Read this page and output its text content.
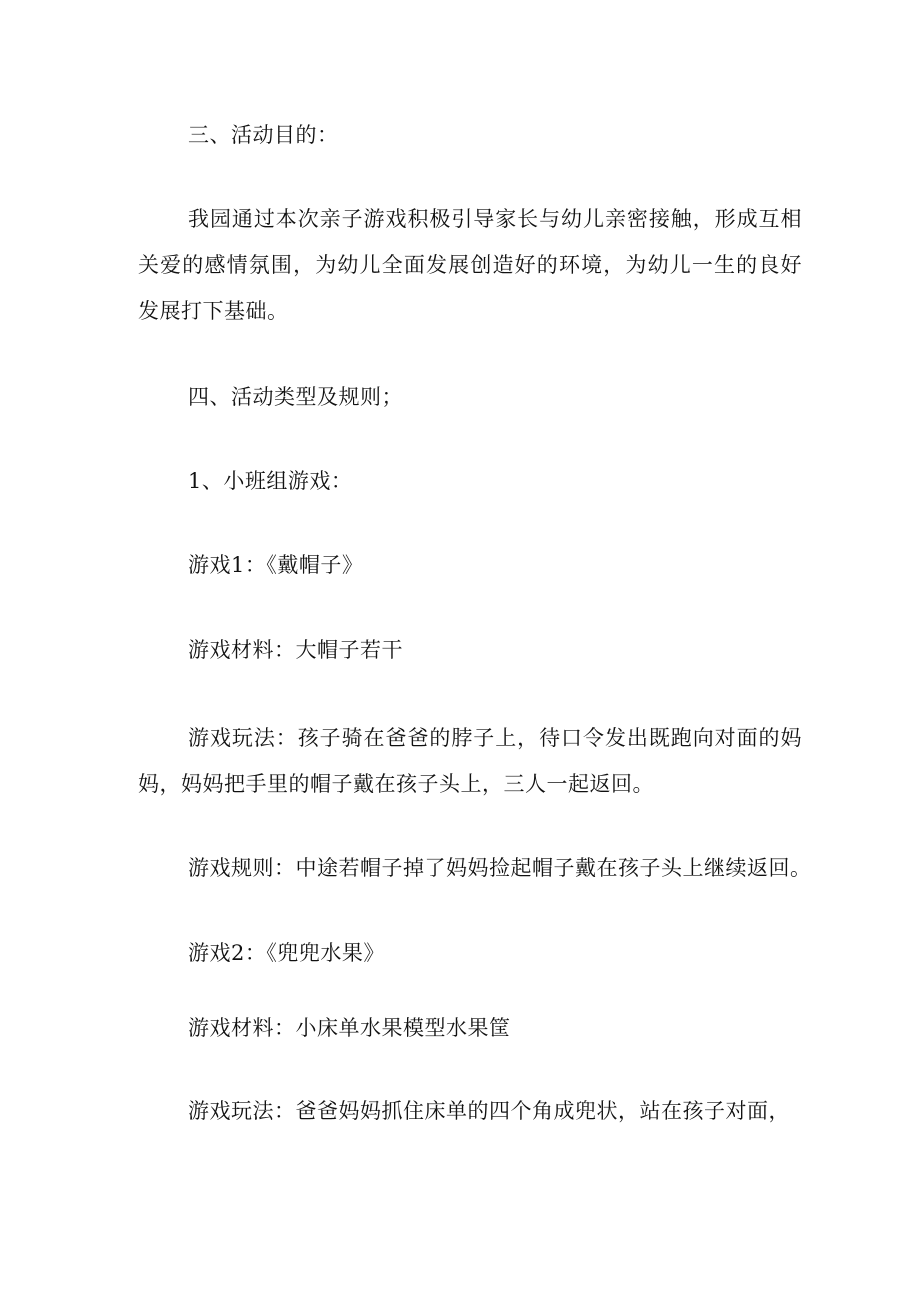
三、活动目的：

我园通过本次亲子游戏积极引导家长与幼儿亲密接触，形成互相关爱的感情氛围，为幼儿全面发展创造好的环境，为幼儿一生的良好发展打下基础。

四、活动类型及规则；

1、小班组游戏：

游戏1：《戴帽子》

游戏材料：大帽子若干

游戏玩法：孩子骑在爸爸的脖子上，待口令发出既跑向对面的妈妈，妈妈把手里的帽子戴在孩子头上，三人一起返回。

游戏规则：中途若帽子掉了妈妈捡起帽子戴在孩子头上继续返回。

游戏2：《兜兜水果》

游戏材料：小床单水果模型水果筐

游戏玩法：爸爸妈妈抓住床单的四个角成兜状，站在孩子对面，
